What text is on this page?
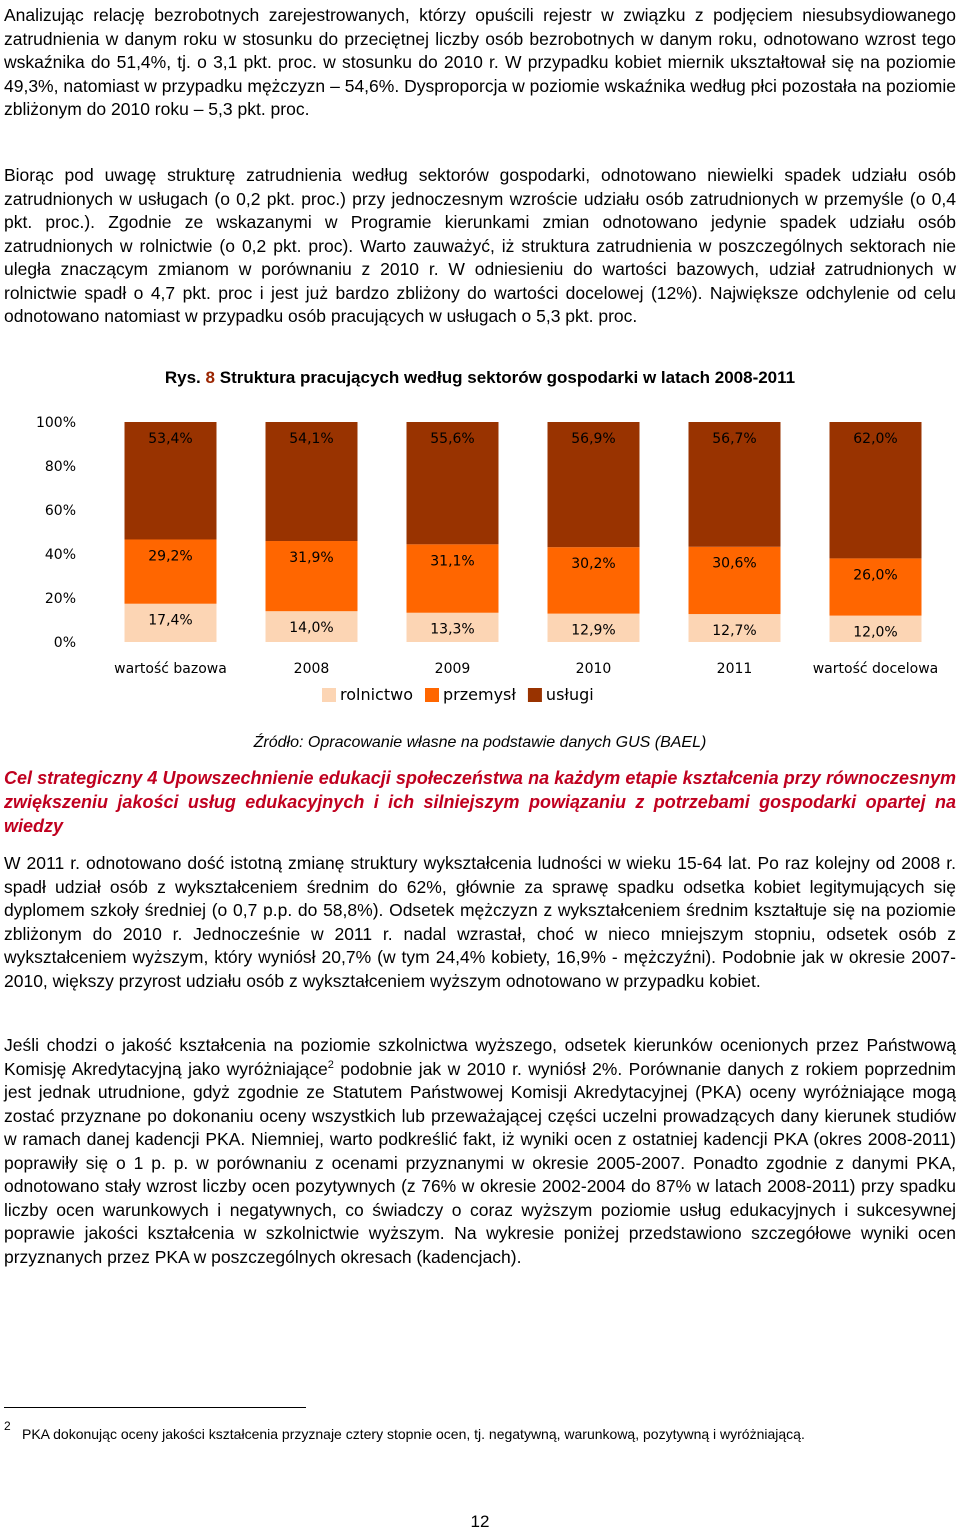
Analizując relację bezrobotnych zarejestrowanych, którzy opuścili rejestr w związku z podjęciem niesubsydiowanego zatrudnienia w danym roku w stosunku do przeciętnej liczby osób bezrobotnych w danym roku, odnotowano wzrost tego wskaźnika do 51,4%, tj. o 3,1 pkt. proc. w stosunku do 2010 r. W przypadku kobiet miernik ukształtował się na poziomie 49,3%, natomiast w przypadku mężczyzn – 54,6%. Dysproporcja w poziomie wskaźnika według płci pozostała na poziomie zbliżonym do 2010 roku – 5,3 pkt. proc.

Biorąc pod uwagę strukturę zatrudnienia według sektorów gospodarki, odnotowano niewielki spadek udziału osób zatrudnionych w usługach (o 0,2 pkt. proc.) przy jednoczesnym wzroście udziału osób zatrudnionych w przemyśle (o 0,4 pkt. proc.). Zgodnie ze wskazanymi w Programie kierunkami zmian odnotowano jedynie spadek udziału osób zatrudnionych w rolnictwie (o 0,2 pkt. proc). Warto zauważyć, iż struktura zatrudnienia w poszczególnych sektorach nie uległa znaczącym zmianom w porównaniu z 2010 r. W odniesieniu do wartości bazowych, udział zatrudnionych w rolnictwie spadł o 4,7 pkt. proc i jest już bardzo zbliżony do wartości docelowej (12%). Największe odchylenie od celu odnotowano natomiast w przypadku osób pracujących w usługach o 5,3 pkt. proc.

Rys. 8 Struktura pracujących według sektorów gospodarki w latach 2008-2011

0%
20%
40%
60%
80%
100%
17,4%
29,2%
53,4%
wartość bazowa
14,0%
31,9%
54,1%
2008
13,3%
31,1%
55,6%
2009
12,9%
30,2%
56,9%
2010
12,7%
30,6%
56,7%
2011
12,0%
26,0%
62,0%
wartość docelowa
rolnictwo przemysł usługi

Źródło: Opracowanie własne na podstawie danych GUS (BAEL)

Cel strategiczny 4 Upowszechnienie edukacji społeczeństwa na każdym etapie kształcenia przy równoczesnym zwiększeniu jakości usług edukacyjnych i ich silniejszym powiązaniu z potrzebami gospodarki opartej na wiedzy

W 2011 r. odnotowano dość istotną zmianę struktury wykształcenia ludności w wieku 15-64 lat. Po raz kolejny od 2008 r. spadł udział osób z wykształceniem średnim do 62%, głównie za sprawę spadku odsetka kobiet legitymujących się dyplomem szkoły średniej (o 0,7 p.p. do 58,8%). Odsetek mężczyzn z wykształceniem średnim kształtuje się na poziomie zbliżonym do 2010 r. Jednocześnie w 2011 r. nadal wzrastał, choć w nieco mniejszym stopniu, odsetek osób z wykształceniem wyższym, który wyniósł 20,7% (w tym 24,4% kobiety, 16,9% - mężczyźni). Podobnie jak w okresie 2007-2010, większy przyrost udziału osób z wykształceniem wyższym odnotowano w przypadku kobiet.

Jeśli chodzi o jakość kształcenia na poziomie szkolnictwa wyższego, odsetek kierunków ocenionych przez Państwową Komisję Akredytacyjną jako wyróżniające$^2$ podobnie jak w 2010 r. wyniósł 2%. Porównanie danych z rokiem poprzednim jest jednak utrudnione, gdyż zgodnie ze Statutem Państwowej Komisji Akredytacyjnej (PKA) oceny wyróżniające mogą zostać przyznane po dokonaniu oceny wszystkich lub przeważającej części uczelni prowadzących dany kierunek studiów w ramach danej kadencji PKA. Niemniej, warto podkreślić fakt, iż wyniki ocen z ostatniej kadencji PKA (okres 2008-2011) poprawiły się o 1 p. p. w porównaniu z ocenami przyznanymi w okresie 2005-2007. Ponadto zgodnie z danymi PKA, odnotowano stały wzrost liczby ocen pozytywnych (z 76% w okresie 2002-2004 do 87% w latach 2008-2011) przy spadku liczby ocen warunkowych i negatywnych, co świadczy o coraz wyższym poziomie usług edukacyjnych i sukcesywnej poprawie jakości kształcenia w szkolnictwie wyższym. Na wykresie poniżej przedstawiono szczegółowe wyniki ocen przyznanych przez PKA w poszczególnych okresach (kadencjach).

2 PKA dokonując oceny jakości kształcenia przyznaje cztery stopnie ocen, tj. negatywną, warunkową, pozytywną i wyróżniającą.

12
